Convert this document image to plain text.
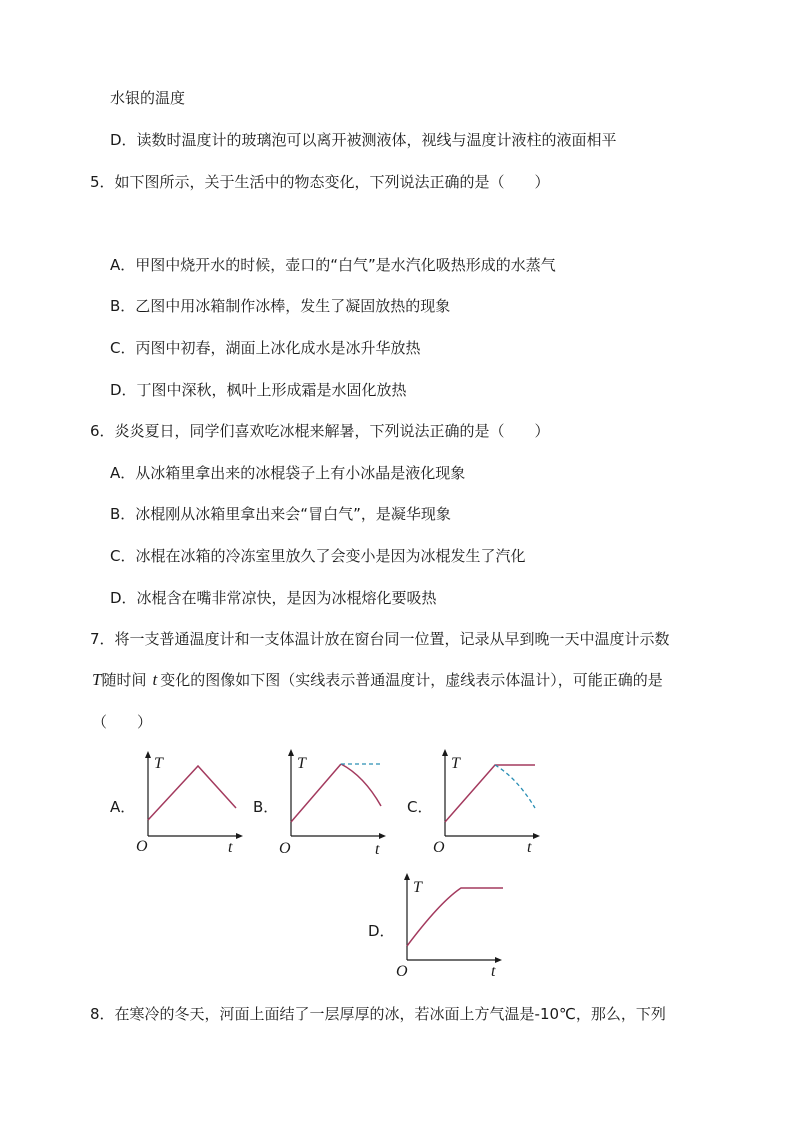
水银的温度
D．读数时温度计的玻璃泡可以离开被测液体，视线与温度计液柱的液面相平
5．如下图所示，关于生活中的物态变化，下列说法正确的是（　　）
A．甲图中烧开水的时候，壶口的“白气”是水汽化吸热形成的水蒸气
B．乙图中用冰箱制作冰棒，发生了凝固放热的现象
C．丙图中初春，湖面上冰化成水是冰升华放热
D．丁图中深秋，枫叶上形成霜是水固化放热
6．炎炎夏日，同学们喜欢吃冰棍来解暑，下列说法正确的是（　　）
A．从冰箱里拿出来的冰棍袋子上有小冰晶是液化现象
B．冰棍刚从冰箱里拿出来会“冒白气”，是凝华现象
C．冰棍在冰箱的冷冻室里放久了会变小是因为冰棍发生了汽化
D．冰棍含在嘴非常凉快，是因为冰棍熔化要吸热
7．将一支普通温度计和一支体温计放在窗台同一位置，记录从早到晚一天中温度计示数
T随时间 t 变化的图像如下图（实线表示普通温度计，虚线表示体温计），可能正确的是
（　　）
A．
T
t
O
B．
T
t
O
C．
T
t
O
D．
T
t
O
8．在寒冷的冬天，河面上面结了一层厚厚的冰，若冰面上方气温是-10℃，那么，下列
